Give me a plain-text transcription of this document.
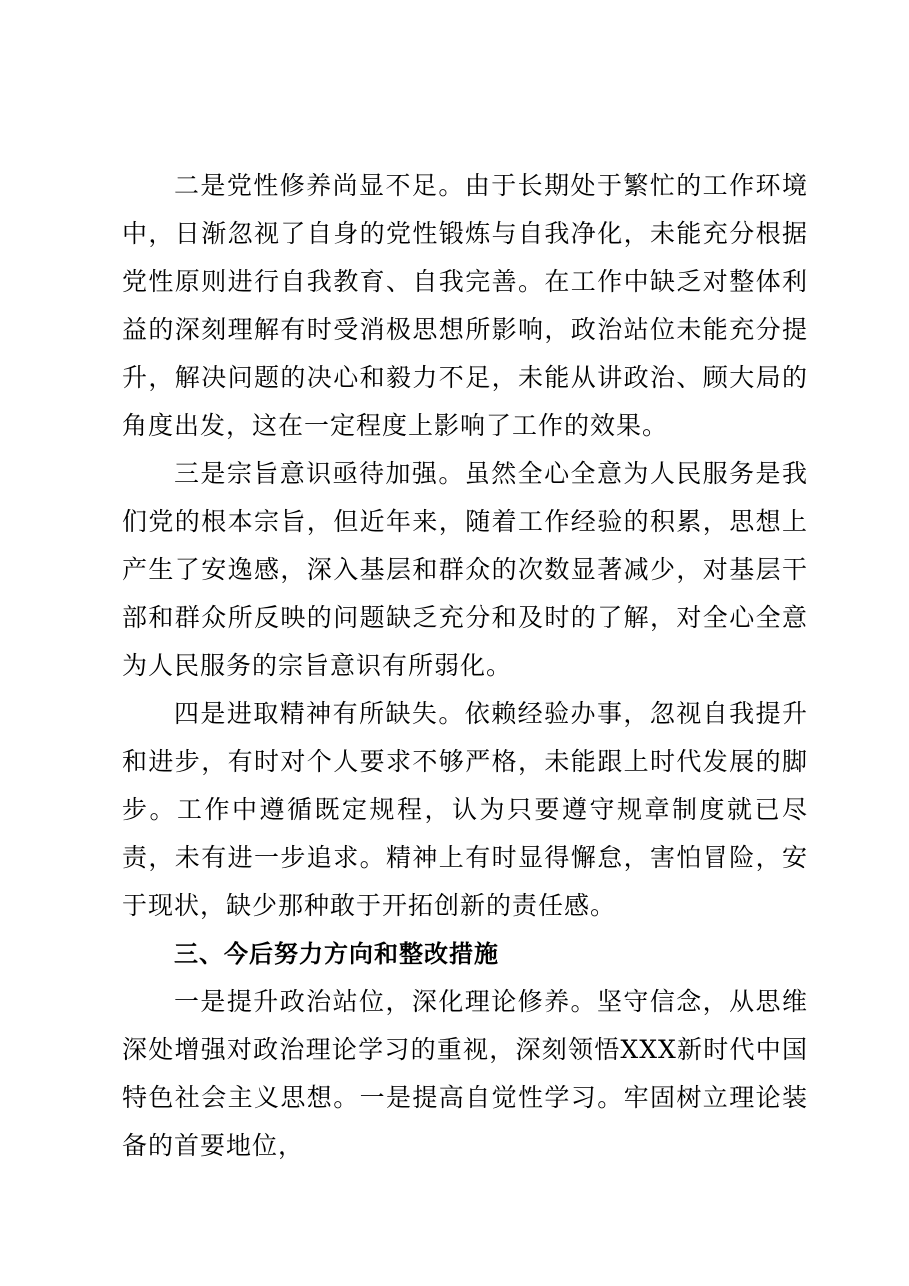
二是党性修养尚显不足。由于长期处于繁忙的工作环境中，日渐忽视了自身的党性锻炼与自我净化，未能充分根据党性原则进行自我教育、自我完善。在工作中缺乏对整体利益的深刻理解有时受消极思想所影响，政治站位未能充分提升，解决问题的决心和毅力不足，未能从讲政治、顾大局的角度出发，这在一定程度上影响了工作的效果。

三是宗旨意识亟待加强。虽然全心全意为人民服务是我们党的根本宗旨，但近年来，随着工作经验的积累，思想上产生了安逸感，深入基层和群众的次数显著减少，对基层干部和群众所反映的问题缺乏充分和及时的了解，对全心全意为人民服务的宗旨意识有所弱化。

四是进取精神有所缺失。依赖经验办事，忽视自我提升和进步，有时对个人要求不够严格，未能跟上时代发展的脚步。工作中遵循既定规程，认为只要遵守规章制度就已尽责，未有进一步追求。精神上有时显得懈怠，害怕冒险，安于现状，缺少那种敢于开拓创新的责任感。

三、今后努力方向和整改措施

一是提升政治站位，深化理论修养。坚守信念，从思维深处增强对政治理论学习的重视，深刻领悟XXX新时代中国特色社会主义思想。一是提高自觉性学习。牢固树立理论装备的首要地位，
